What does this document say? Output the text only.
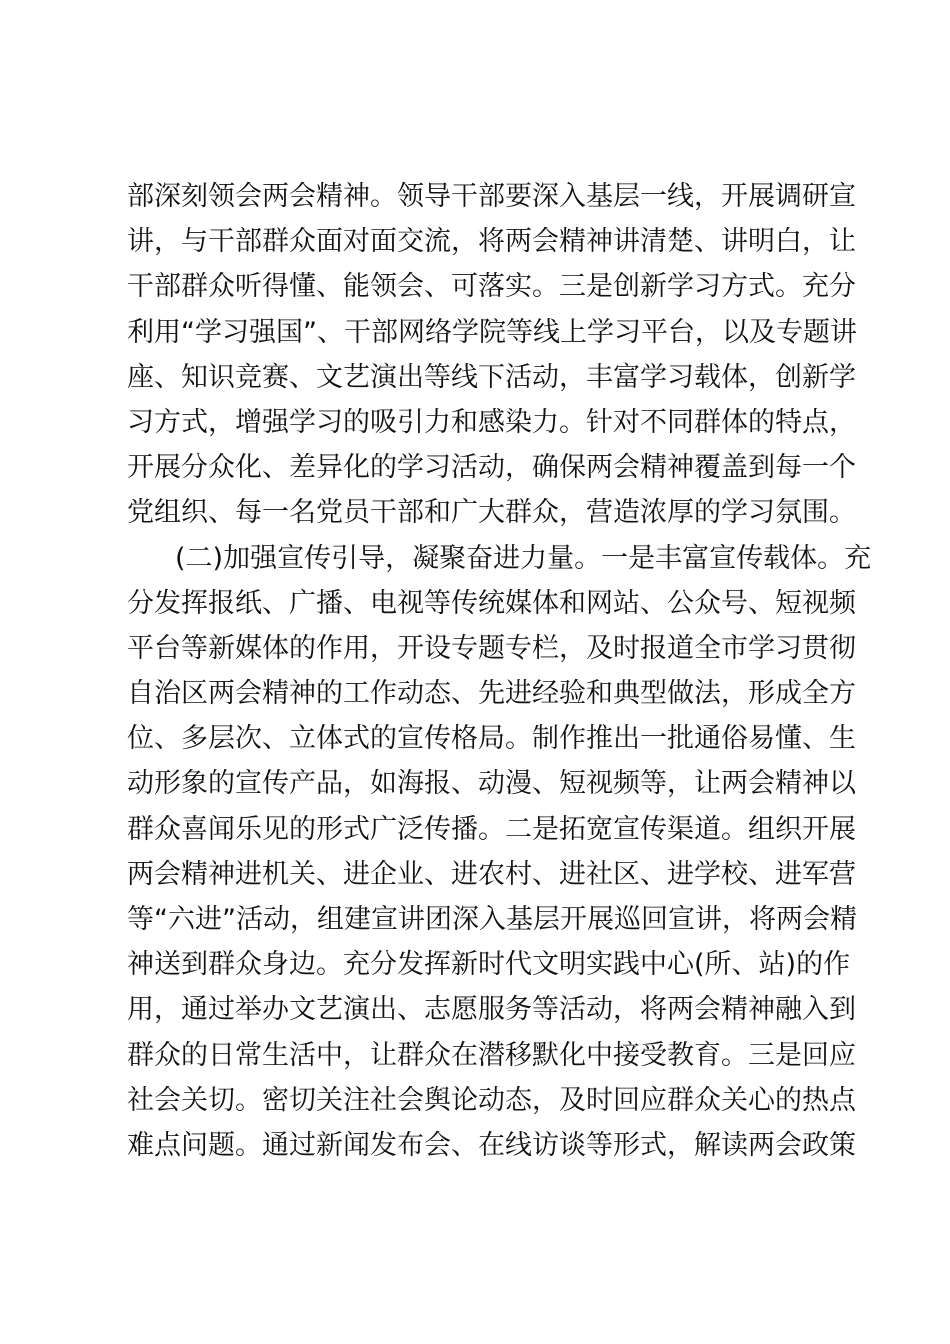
部深刻领会两会精神。领导干部要深入基层一线，开展调研宣
讲，与干部群众面对面交流，将两会精神讲清楚、讲明白，让
干部群众听得懂、能领会、可落实。三是创新学习方式。充分
利用“学习强国”、干部网络学院等线上学习平台，以及专题讲
座、知识竞赛、文艺演出等线下活动，丰富学习载体，创新学
习方式，增强学习的吸引力和感染力。针对不同群体的特点，
开展分众化、差异化的学习活动，确保两会精神覆盖到每一个
党组织、每一名党员干部和广大群众，营造浓厚的学习氛围。
(二)加强宣传引导，凝聚奋进力量。一是丰富宣传载体。充
分发挥报纸、广播、电视等传统媒体和网站、公众号、短视频
平台等新媒体的作用，开设专题专栏，及时报道全市学习贯彻
自治区两会精神的工作动态、先进经验和典型做法，形成全方
位、多层次、立体式的宣传格局。制作推出一批通俗易懂、生
动形象的宣传产品，如海报、动漫、短视频等，让两会精神以
群众喜闻乐见的形式广泛传播。二是拓宽宣传渠道。组织开展
两会精神进机关、进企业、进农村、进社区、进学校、进军营
等“六进”活动，组建宣讲团深入基层开展巡回宣讲，将两会精
神送到群众身边。充分发挥新时代文明实践中心(所、站)的作
用，通过举办文艺演出、志愿服务等活动，将两会精神融入到
群众的日常生活中，让群众在潜移默化中接受教育。三是回应
社会关切。密切关注社会舆论动态，及时回应群众关心的热点
难点问题。通过新闻发布会、在线访谈等形式，解读两会政策
